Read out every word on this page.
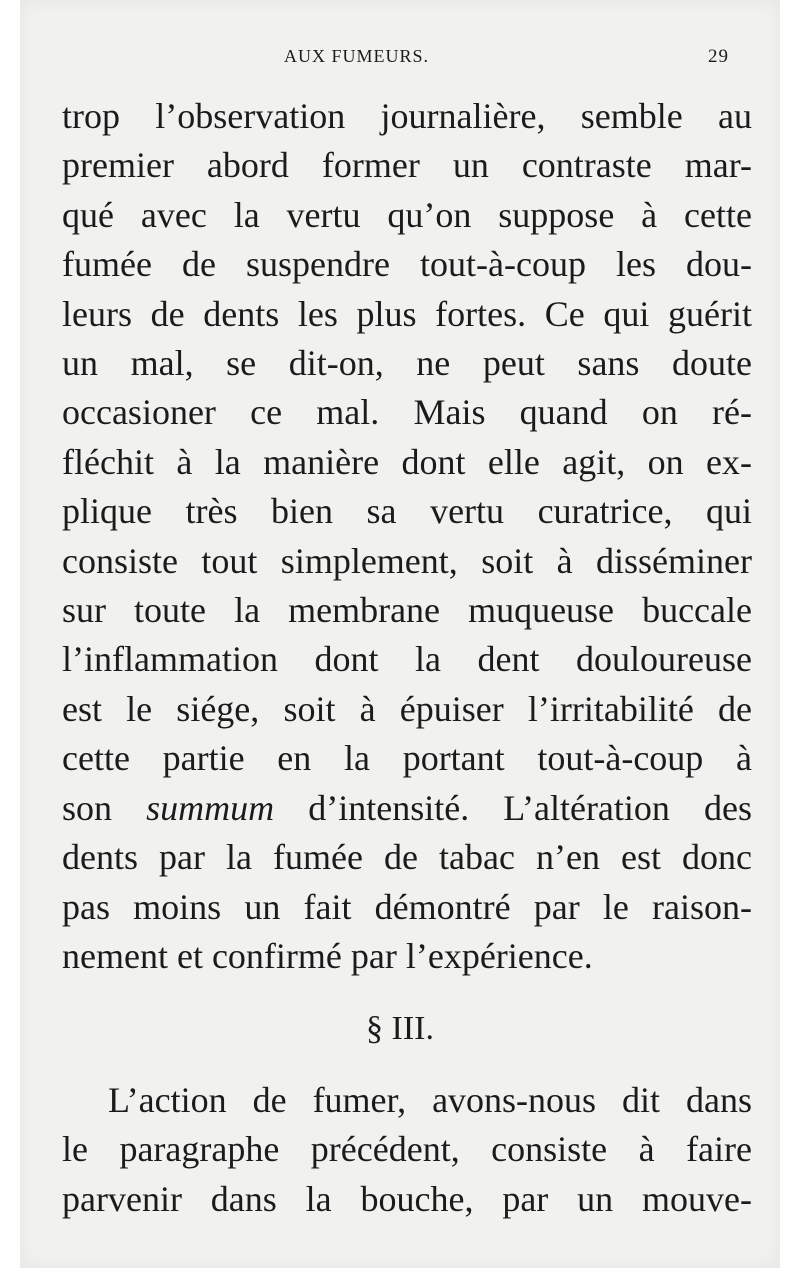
AUX FUMEURS.	29
trop l’observation journalière, semble au
premier abord former un contraste mar-
qué avec la vertu qu’on suppose à cette
fumée de suspendre tout-à-coup les dou-
leurs de dents les plus fortes. Ce qui guérit
un mal, se dit-on, ne peut sans doute
occasioner ce mal. Mais quand on ré-
fléchit à la manière dont elle agit, on ex-
plique très bien sa vertu curatrice, qui
consiste tout simplement, soit à disséminer
sur toute la membrane muqueuse buccale
l’inflammation dont la dent douloureuse
est le siége, soit à épuiser l’irritabilité de
cette partie en la portant tout-à-coup à
son summum d’intensité. L’altération des
dents par la fumée de tabac n’en est donc
pas moins un fait démontré par le raison-
nement et confirmé par l’expérience.
§ III.
L’action de fumer, avons-nous dit dans
le paragraphe précédent, consiste à faire
parvenir dans la bouche, par un mouve-
